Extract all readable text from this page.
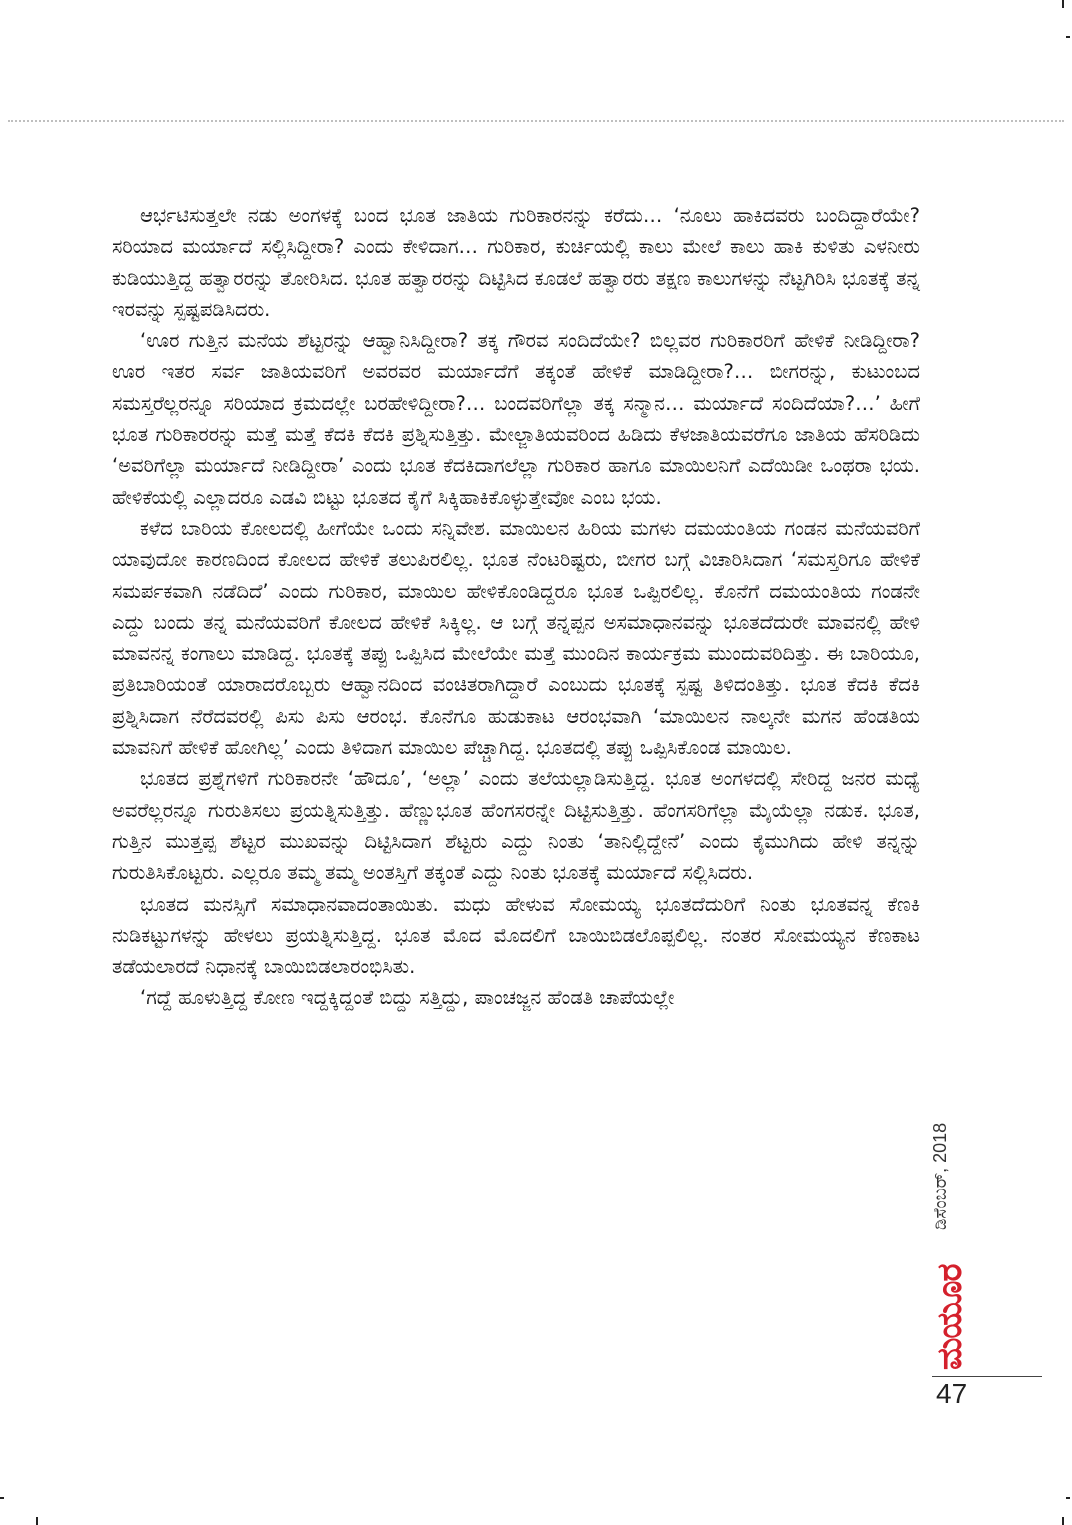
ಆರ್ಭಟಿಸುತ್ತಲೇ ನಡು ಅಂಗಳಕ್ಕೆ ಬಂದ ಭೂತ ಜಾತಿಯ ಗುರಿಕಾರನನ್ನು ಕರೆದು… ‘ನೂಲು ಹಾಕಿದವರು ಬಂದಿದ್ದಾರೆಯೇ? ಸರಿಯಾದ ಮರ್ಯಾದೆ ಸಲ್ಲಿಸಿದ್ದೀರಾ? ಎಂದು ಕೇಳಿದಾಗ… ಗುರಿಕಾರ, ಕುರ್ಚಿಯಲ್ಲಿ ಕಾಲು ಮೇಲೆ ಕಾಲು ಹಾಕಿ ಕುಳಿತು ಎಳನೀರು ಕುಡಿಯುತ್ತಿದ್ದ ಹತ್ವಾರರನ್ನು ತೋರಿಸಿದ. ಭೂತ ಹತ್ವಾರರನ್ನು ದಿಟ್ಟಿಸಿದ ಕೂಡಲೆ ಹತ್ವಾರರು ತಕ್ಷಣ ಕಾಲುಗಳನ್ನು ನೆಟ್ಟಗಿರಿಸಿ ಭೂತಕ್ಕೆ ತನ್ನ ಇರವನ್ನು ಸ್ಪಷ್ಟಪಡಿಸಿದರು.

‘ಊರ ಗುತ್ತಿನ ಮನೆಯ ಶೆಟ್ಟರನ್ನು ಆಹ್ವಾನಿಸಿದ್ದೀರಾ? ತಕ್ಕ ಗೌರವ ಸಂದಿದೆಯೇ? ಬಿಲ್ಲವರ ಗುರಿಕಾರರಿಗೆ ಹೇಳಿಕೆ ನೀಡಿದ್ದೀರಾ? ಊರ ಇತರ ಸರ್ವ ಜಾತಿಯವರಿಗೆ ಅವರವರ ಮರ್ಯಾದೆಗೆ ತಕ್ಕಂತೆ ಹೇಳಿಕೆ ಮಾಡಿದ್ದೀರಾ?… ಬೀಗರನ್ನು, ಕುಟುಂಬದ ಸಮಸ್ತರೆಲ್ಲರನ್ನೂ ಸರಿಯಾದ ಕ್ರಮದಲ್ಲೇ ಬರಹೇಳಿದ್ದೀರಾ?… ಬಂದವರಿಗೆಲ್ಲಾ ತಕ್ಕ ಸನ್ಮಾನ… ಮರ್ಯಾದೆ ಸಂದಿದೆಯಾ?…’ ಹೀಗೆ ಭೂತ ಗುರಿಕಾರರನ್ನು ಮತ್ತೆ ಮತ್ತೆ ಕೆದಕಿ ಕೆದಕಿ ಪ್ರಶ್ನಿಸುತ್ತಿತ್ತು. ಮೇಲ್ಜಾತಿಯವರಿಂದ ಹಿಡಿದು ಕೆಳಜಾತಿಯವರೆಗೂ ಜಾತಿಯ ಹೆಸರಿಡಿದು ‘ಅವರಿಗೆಲ್ಲಾ ಮರ್ಯಾದೆ ನೀಡಿದ್ದೀರಾ’ ಎಂದು ಭೂತ ಕೆದಕಿದಾಗಲೆಲ್ಲಾ ಗುರಿಕಾರ ಹಾಗೂ ಮಾಯಿಲನಿಗೆ ಎದೆಯಿಡೀ ಒಂಥರಾ ಭಯ. ಹೇಳಿಕೆಯಲ್ಲಿ ಎಲ್ಲಾದರೂ ಎಡವಿ ಬಿಟ್ಟು ಭೂತದ ಕೈಗೆ ಸಿಕ್ಕಿಹಾಕಿಕೊಳ್ಳುತ್ತೇವೋ ಎಂಬ ಭಯ.

ಕಳೆದ ಬಾರಿಯ ಕೋಲದಲ್ಲಿ ಹೀಗೆಯೇ ಒಂದು ಸನ್ನಿವೇಶ. ಮಾಯಿಲನ ಹಿರಿಯ ಮಗಳು ದಮಯಂತಿಯ ಗಂಡನ ಮನೆಯವರಿಗೆ ಯಾವುದೋ ಕಾರಣದಿಂದ ಕೋಲದ ಹೇಳಿಕೆ ತಲುಪಿರಲಿಲ್ಲ. ಭೂತ ನೆಂಟರಿಷ್ಟರು, ಬೀಗರ ಬಗ್ಗೆ ವಿಚಾರಿಸಿದಾಗ ‘ಸಮಸ್ತರಿಗೂ ಹೇಳಿಕೆ ಸಮರ್ಪಕವಾಗಿ ನಡೆದಿದೆ’ ಎಂದು ಗುರಿಕಾರ, ಮಾಯಿಲ ಹೇಳಿಕೊಂಡಿದ್ದರೂ ಭೂತ ಒಪ್ಪಿರಲಿಲ್ಲ. ಕೊನೆಗೆ ದಮಯಂತಿಯ ಗಂಡನೇ ಎದ್ದು ಬಂದು ತನ್ನ ಮನೆಯವರಿಗೆ ಕೋಲದ ಹೇಳಿಕೆ ಸಿಕ್ಕಿಲ್ಲ. ಆ ಬಗ್ಗೆ ತನ್ನಪ್ಪನ ಅಸಮಾಧಾನವನ್ನು ಭೂತದೆದುರೇ ಮಾವನಲ್ಲಿ ಹೇಳಿ ಮಾವನನ್ನ ಕಂಗಾಲು ಮಾಡಿದ್ದ. ಭೂತಕ್ಕೆ ತಪ್ಪು ಒಪ್ಪಿಸಿದ ಮೇಲೆಯೇ ಮತ್ತೆ ಮುಂದಿನ ಕಾರ್ಯಕ್ರಮ ಮುಂದುವರಿದಿತ್ತು. ಈ ಬಾರಿಯೂ, ಪ್ರತಿಬಾರಿಯಂತೆ ಯಾರಾದರೊಬ್ಬರು ಆಹ್ವಾನದಿಂದ ವಂಚಿತರಾಗಿದ್ದಾರೆ ಎಂಬುದು ಭೂತಕ್ಕೆ ಸ್ಪಷ್ಟ ತಿಳಿದಂತಿತ್ತು. ಭೂತ ಕೆದಕಿ ಕೆದಕಿ ಪ್ರಶ್ನಿಸಿದಾಗ ನೆರೆದವರಲ್ಲಿ ಪಿಸು ಪಿಸು ಆರಂಭ. ಕೊನೆಗೂ ಹುಡುಕಾಟ ಆರಂಭವಾಗಿ ‘ಮಾಯಿಲನ ನಾಲ್ಕನೇ ಮಗನ ಹೆಂಡತಿಯ ಮಾವನಿಗೆ ಹೇಳಿಕೆ ಹೋಗಿಲ್ಲ’ ಎಂದು ತಿಳಿದಾಗ ಮಾಯಿಲ ಪೆಚ್ಚಾಗಿದ್ದ. ಭೂತದಲ್ಲಿ ತಪ್ಪು ಒಪ್ಪಿಸಿಕೊಂಡ ಮಾಯಿಲ.

ಭೂತದ ಪ್ರಶ್ನೆಗಳಿಗೆ ಗುರಿಕಾರನೇ ‘ಹೌದೂ’, ‘ಅಲ್ಲಾ’ ಎಂದು ತಲೆಯಲ್ಲಾಡಿಸುತ್ತಿದ್ದ. ಭೂತ ಅಂಗಳದಲ್ಲಿ ಸೇರಿದ್ದ ಜನರ ಮಧ್ಯೆ ಅವರೆಲ್ಲರನ್ನೂ ಗುರುತಿಸಲು ಪ್ರಯತ್ನಿಸುತ್ತಿತ್ತು. ಹೆಣ್ಣುಭೂತ ಹೆಂಗಸರನ್ನೇ ದಿಟ್ಟಿಸುತ್ತಿತ್ತು. ಹೆಂಗಸರಿಗೆಲ್ಲಾ ಮೈಯೆಲ್ಲಾ ನಡುಕ. ಭೂತ, ಗುತ್ತಿನ ಮುತ್ತಪ್ಪ ಶೆಟ್ಟರ ಮುಖವನ್ನು ದಿಟ್ಟಿಸಿದಾಗ ಶೆಟ್ಟರು ಎದ್ದು ನಿಂತು ‘ತಾನಿಲ್ಲಿದ್ದೇನೆ’ ಎಂದು ಕೈಮುಗಿದು ಹೇಳಿ ತನ್ನನ್ನು ಗುರುತಿಸಿಕೊಟ್ಟರು. ಎಲ್ಲರೂ ತಮ್ಮ ತಮ್ಮ ಅಂತಸ್ತಿಗೆ ತಕ್ಕಂತೆ ಎದ್ದು ನಿಂತು ಭೂತಕ್ಕೆ ಮರ್ಯಾದೆ ಸಲ್ಲಿಸಿದರು.

ಭೂತದ ಮನಸ್ಸಿಗೆ ಸಮಾಧಾನವಾದಂತಾಯಿತು. ಮಧು ಹೇಳುವ ಸೋಮಯ್ಯ ಭೂತದೆದುರಿಗೆ ನಿಂತು ಭೂತವನ್ನ ಕೆಣಕಿ ನುಡಿಕಟ್ಟುಗಳನ್ನು ಹೇಳಲು ಪ್ರಯತ್ನಿಸುತ್ತಿದ್ದ. ಭೂತ ಮೊದ ಮೊದಲಿಗೆ ಬಾಯಿಬಿಡಲೊಪ್ಪಲಿಲ್ಲ. ನಂತರ ಸೋಮಯ್ಯನ ಕೆಣಕಾಟ ತಡೆಯಲಾರದೆ ನಿಧಾನಕ್ಕೆ ಬಾಯಿಬಿಡಲಾರಂಭಿಸಿತು.

‘ಗದ್ದೆ ಹೂಳುತ್ತಿದ್ದ ಕೋಣ ಇದ್ದಕ್ಕಿದ್ದಂತೆ ಬಿದ್ದು ಸತ್ತಿದ್ದು, ಪಾಂಚಜ್ಜನ ಹೆಂಡತಿ ಚಾಪೆಯಲ್ಲೇ

ಡಿಸೆಂಬರ್, 2018
ಮಯೂರ
47
